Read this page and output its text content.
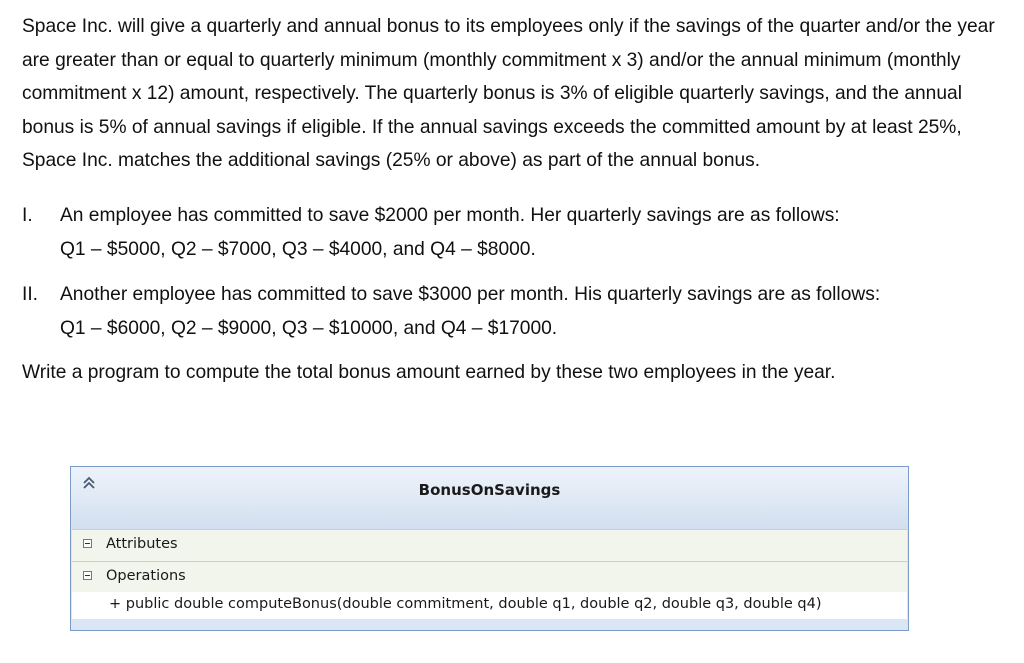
Space Inc. will give a quarterly and annual bonus to its employees only if the savings of the quarter and/or the year are greater than or equal to quarterly minimum (monthly commitment x 3) and/or the annual minimum (monthly commitment x 12) amount, respectively. The quarterly bonus is 3% of eligible quarterly savings, and the annual bonus is 5% of annual savings if eligible. If the annual savings exceeds the committed amount by at least 25%, Space Inc. matches the additional savings (25% or above) as part of the annual bonus.

I. An employee has committed to save $2000 per month. Her quarterly savings are as follows:
Q1 – $5000, Q2 – $7000, Q3 – $4000, and Q4 – $8000.
II. Another employee has committed to save $3000 per month. His quarterly savings are as follows:
Q1 – $6000, Q2 – $9000, Q3 – $10000, and Q4 – $17000.

Write a program to compute the total bonus amount earned by these two employees in the year.

BonusOnSavings
Attributes
Operations
+ public double computeBonus(double commitment, double q1, double q2, double q3, double q4)
